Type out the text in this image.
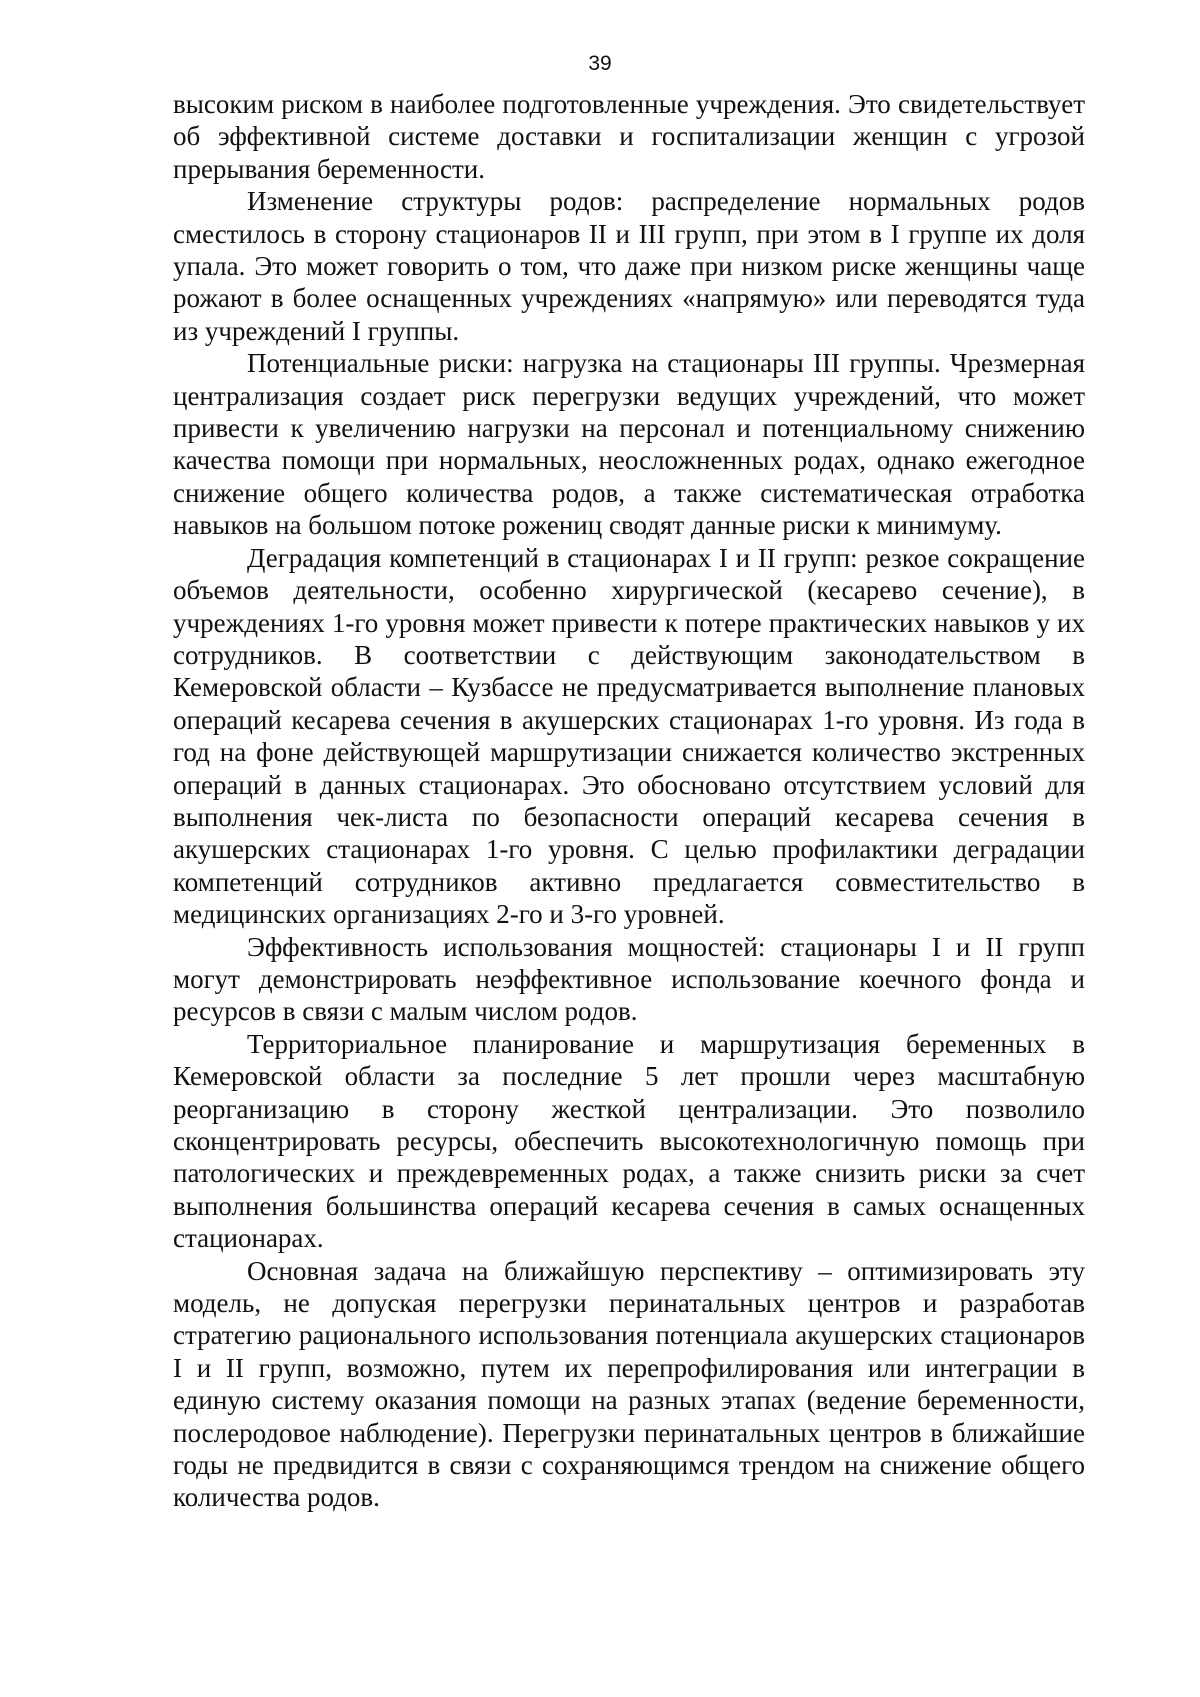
39

высоким риском в наиболее подготовленные учреждения. Это свидетельствует об эффективной системе доставки и госпитализации женщин с угрозой прерывания беременности.

Изменение структуры родов: распределение нормальных родов сместилось в сторону стационаров II и III групп, при этом в I группе их доля упала. Это может говорить о том, что даже при низком риске женщины чаще рожают в более оснащенных учреждениях «напрямую» или переводятся туда из учреждений I группы.

Потенциальные риски: нагрузка на стационары III группы. Чрезмерная централизация создает риск перегрузки ведущих учреждений, что может привести к увеличению нагрузки на персонал и потенциальному снижению качества помощи при нормальных, неосложненных родах, однако ежегодное снижение общего количества родов, а также систематическая отработка навыков на большом потоке рожениц сводят данные риски к минимуму.

Деградация компетенций в стационарах I и II групп: резкое сокращение объемов деятельности, особенно хирургической (кесарево сечение), в учреждениях 1-го уровня может привести к потере практических навыков у их сотрудников. В соответствии с действующим законодательством в Кемеровской области – Кузбассе не предусматривается выполнение плановых операций кесарева сечения в акушерских стационарах 1-го уровня. Из года в год на фоне действующей маршрутизации снижается количество экстренных операций в данных стационарах. Это обосновано отсутствием условий для выполнения чек-листа по безопасности операций кесарева сечения в акушерских стационарах 1-го уровня. С целью профилактики деградации компетенций сотрудников активно предлагается совместительство в медицинских организациях 2-го и 3-го уровней.

Эффективность использования мощностей: стационары I и II групп могут демонстрировать неэффективное использование коечного фонда и ресурсов в связи с малым числом родов.

Территориальное планирование и маршрутизация беременных в Кемеровской области за последние 5 лет прошли через масштабную реорганизацию в сторону жесткой централизации. Это позволило сконцентрировать ресурсы, обеспечить высокотехнологичную помощь при патологических и преждевременных родах, а также снизить риски за счет выполнения большинства операций кесарева сечения в самых оснащенных стационарах.

Основная задача на ближайшую перспективу – оптимизировать эту модель, не допуская перегрузки перинатальных центров и разработав стратегию рационального использования потенциала акушерских стационаров I и II групп, возможно, путем их перепрофилирования или интеграции в единую систему оказания помощи на разных этапах (ведение беременности, послеродовое наблюдение). Перегрузки перинатальных центров в ближайшие годы не предвидится в связи с сохраняющимся трендом на снижение общего количества родов.
